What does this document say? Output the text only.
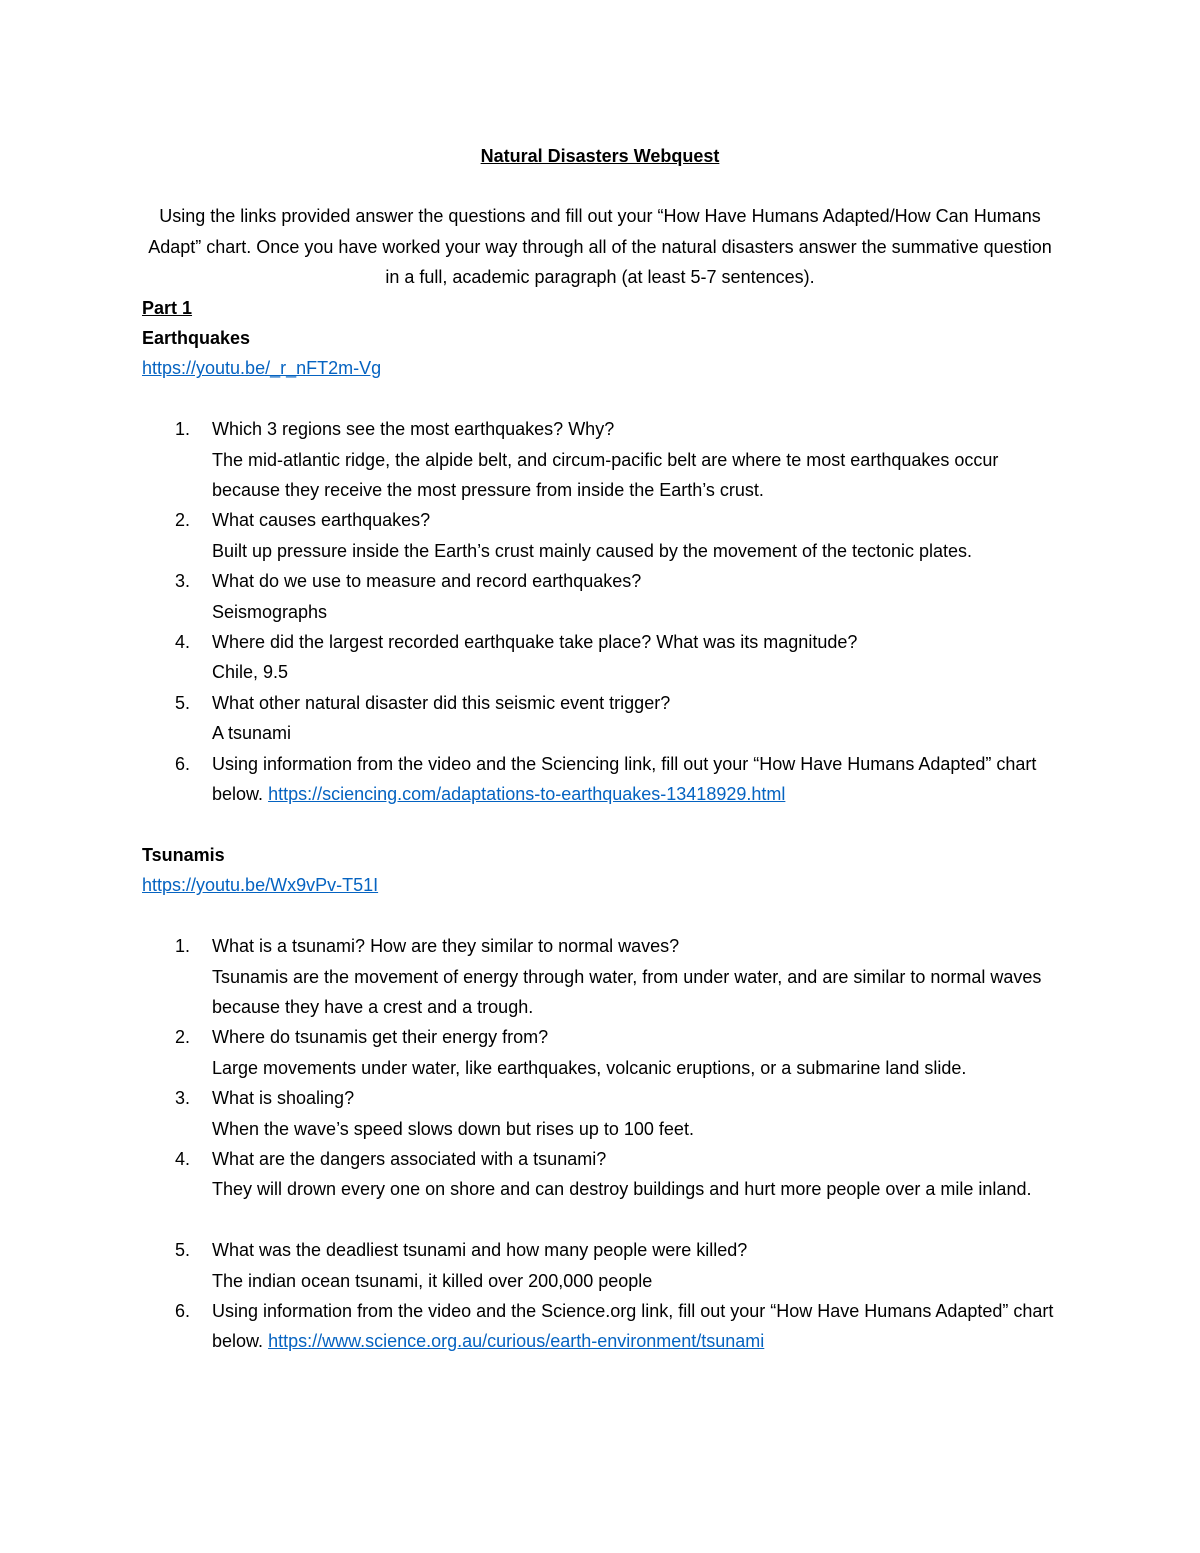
Natural Disasters Webquest

Using the links provided answer the questions and fill out your “How Have Humans Adapted/How Can Humans Adapt” chart. Once you have worked your way through all of the natural disasters answer the summative question in a full, academic paragraph (at least 5-7 sentences).

Part 1

Earthquakes

https://youtu.be/_r_nFT2m-Vg
1. Which 3 regions see the most earthquakes? Why?
The mid-atlantic ridge, the alpide belt, and circum-pacific belt are where te most earthquakes occur because they receive the most pressure from inside the Earth’s crust.
2. What causes earthquakes?
Built up pressure inside the Earth’s crust mainly caused by the movement of the tectonic plates.
3. What do we use to measure and record earthquakes?
Seismographs
4. Where did the largest recorded earthquake take place? What was its magnitude?
Chile, 9.5
5. What other natural disaster did this seismic event trigger?
A tsunami
6. Using information from the video and the Sciencing link, fill out your “How Have Humans Adapted” chart below. https://sciencing.com/adaptations-to-earthquakes-13418929.html

Tsunamis

https://youtu.be/Wx9vPv-T51I
1. What is a tsunami? How are they similar to normal waves?
Tsunamis are the movement of energy through water, from under water, and are similar to normal waves because they have a crest and a trough.
2. Where do tsunamis get their energy from?
Large movements under water, like earthquakes, volcanic eruptions, or a submarine land slide.
3. What is shoaling?
When the wave’s speed slows down but rises up to 100 feet.
4. What are the dangers associated with a tsunami?
They will drown every one on shore and can destroy buildings and hurt more people over a mile inland.
5. What was the deadliest tsunami and how many people were killed?
The indian ocean tsunami, it killed over 200,000 people
6. Using information from the video and the Science.org link, fill out your “How Have Humans Adapted” chart below. https://www.science.org.au/curious/earth-environment/tsunami
